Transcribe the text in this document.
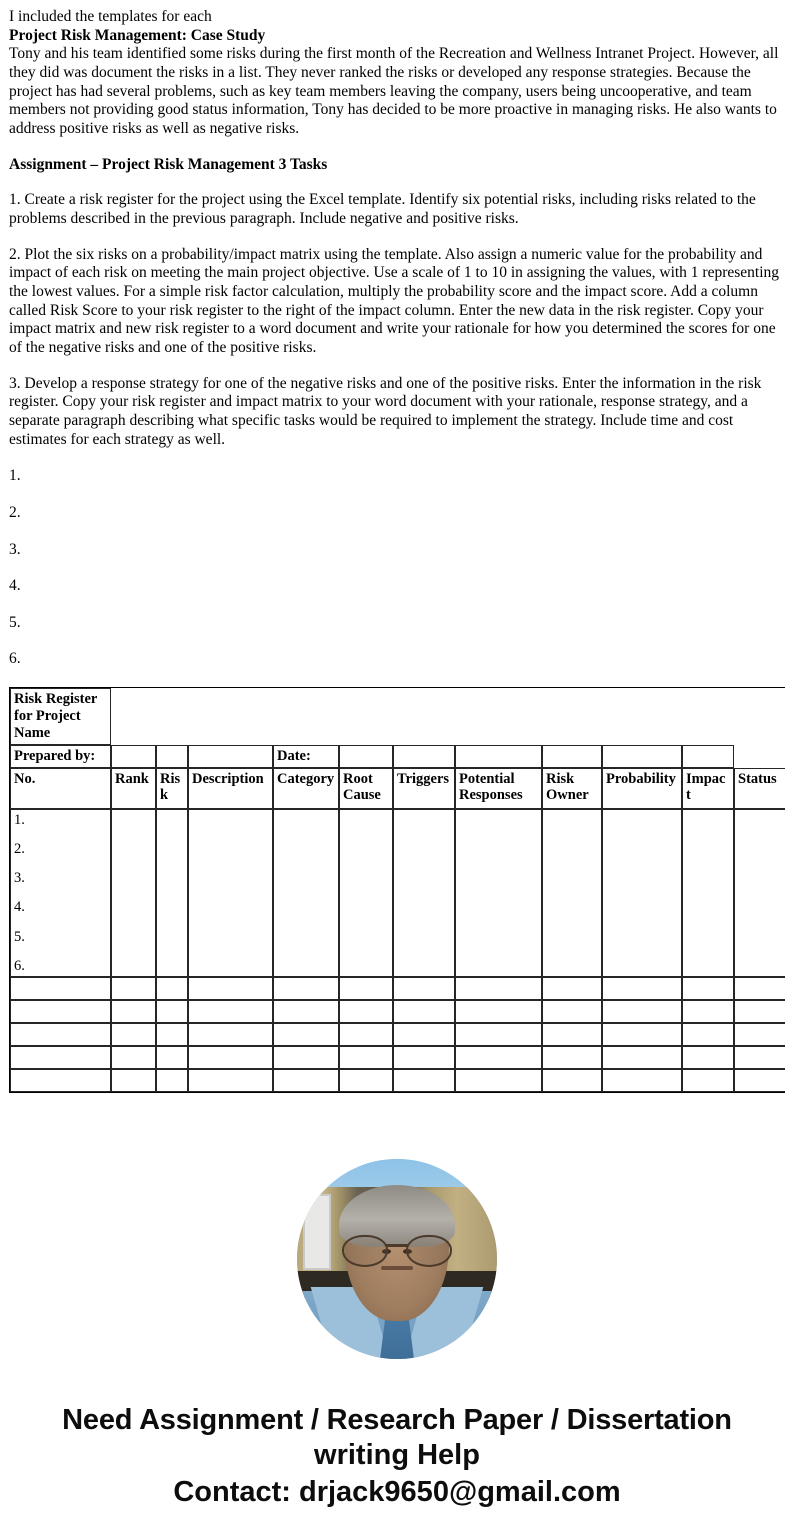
I included the templates for each

Project Risk Management: Case Study

Tony and his team identified some risks during the first month of the Recreation and Wellness Intranet Project. However, all they did was document the risks in a list. They never ranked the risks or developed any response strategies. Because the project has had several problems, such as key team members leaving the company, users being uncooperative, and team members not providing good status information, Tony has decided to be more proactive in managing risks. He also wants to address positive risks as well as negative risks.

Assignment – Project Risk Management 3 Tasks

1. Create a risk register for the project using the Excel template. Identify six potential risks, including risks related to the problems described in the previous paragraph. Include negative and positive risks.

2. Plot the six risks on a probability/impact matrix using the template. Also assign a numeric value for the probability and impact of each risk on meeting the main project objective. Use a scale of 1 to 10 in assigning the values, with 1 representing the lowest values. For a simple risk factor calculation, multiply the probability score and the impact score. Add a column called Risk Score to your risk register to the right of the impact column. Enter the new data in the risk register. Copy your impact matrix and new risk register to a word document and write your rationale for how you determined the scores for one of the negative risks and one of the positive risks.

3. Develop a response strategy for one of the negative risks and one of the positive risks. Enter the information in the risk register. Copy your risk register and impact matrix to your word document with your rationale, response strategy, and a separate paragraph describing what specific tasks would be required to implement the strategy. Include time and cost estimates for each strategy as well.

1.
2.
3.
4.
5.
6.
Risk Register for Project Name											
Prepared by:				Date:							
No.	Rank	Risk	Description	Category	Root Cause	Triggers	Potential Responses	Risk Owner	Probability	Impact	Status

1.
2.
3.
4.
5.
6.

Need Assignment / Research Paper / Dissertation
writing Help
Contact: drjack9650@gmail.com
